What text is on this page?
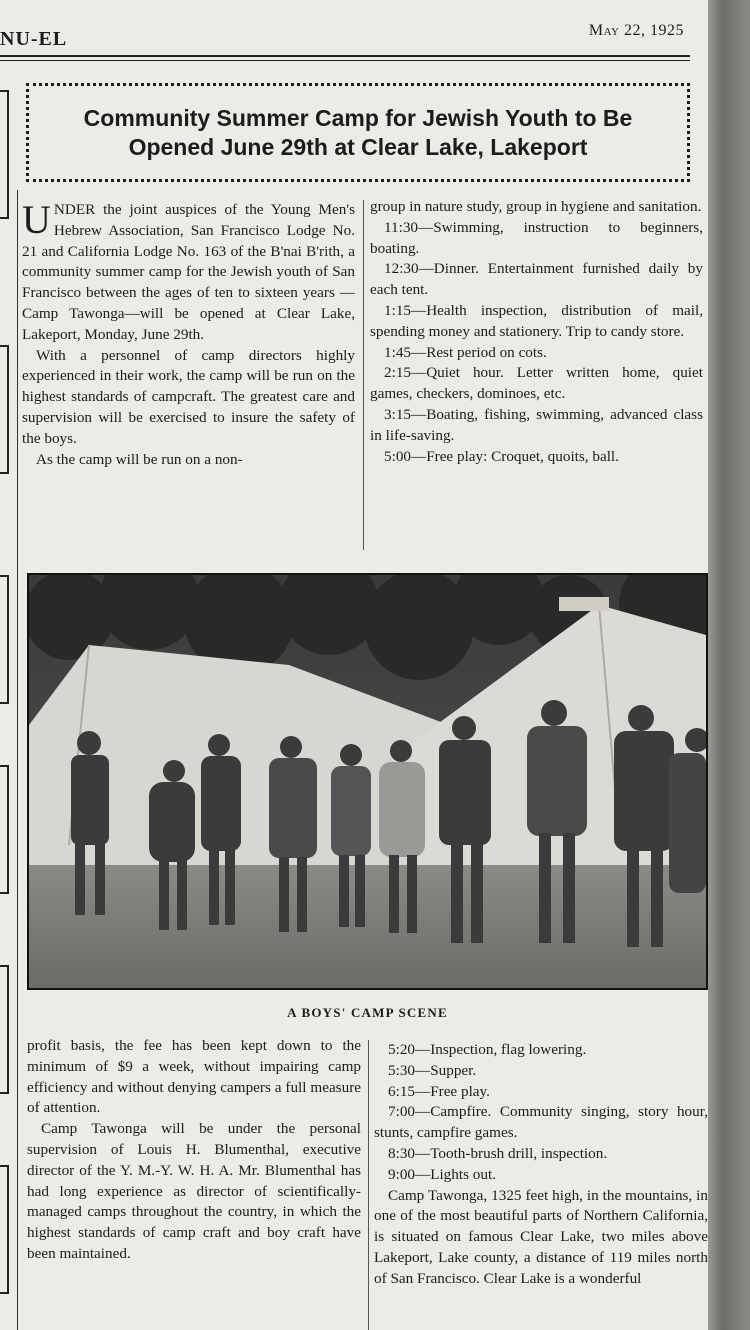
NU-EL	May 22, 1925
Community Summer Camp for Jewish Youth to Be Opened June 29th at Clear Lake, Lakeport

UNDER the joint auspices of the Young Men's Hebrew Association, San Francisco Lodge No. 21 and California Lodge No. 163 of the B'nai B'rith, a community summer camp for the Jewish youth of San Francisco between the ages of ten to sixteen years —Camp Tawonga—will be opened at Clear Lake, Lakeport, Monday, June 29th.

With a personnel of camp directors highly experienced in their work, the camp will be run on the highest standards of campcraft. The greatest care and supervision will be exercised to insure the safety of the boys.

As the camp will be run on a non-

group in nature study, group in hygiene and sanitation.

11:30—Swimming, instruction to beginners, boating.

12:30—Dinner. Entertainment furnished daily by each tent.

1:15—Health inspection, distribution of mail, spending money and stationery. Trip to candy store.

1:45—Rest period on cots.

2:15—Quiet hour. Letter written home, quiet games, checkers, dominoes, etc.

3:15—Boating, fishing, swimming, advanced class in life-saving.

5:00—Free play: Croquet, quoits, ball.

A BOYS' CAMP SCENE

profit basis, the fee has been kept down to the minimum of $9 a week, without impairing camp efficiency and without denying campers a full measure of attention.

Camp Tawonga will be under the personal supervision of Louis H. Blumenthal, executive director of the Y. M.-Y. W. H. A. Mr. Blumenthal has had long experience as director of scientifically-managed camps throughout the country, in which the highest standards of camp craft and boy craft have been maintained.

5:20—Inspection, flag lowering.

5:30—Supper.

6:15—Free play.

7:00—Campfire. Community singing, story hour, stunts, campfire games.

8:30—Tooth-brush drill, inspection.

9:00—Lights out.

Camp Tawonga, 1325 feet high, in the mountains, in one of the most beautiful parts of Northern California, is situated on famous Clear Lake, two miles above Lakeport, Lake county, a distance of 119 miles north of San Francisco. Clear Lake is a wonderful
